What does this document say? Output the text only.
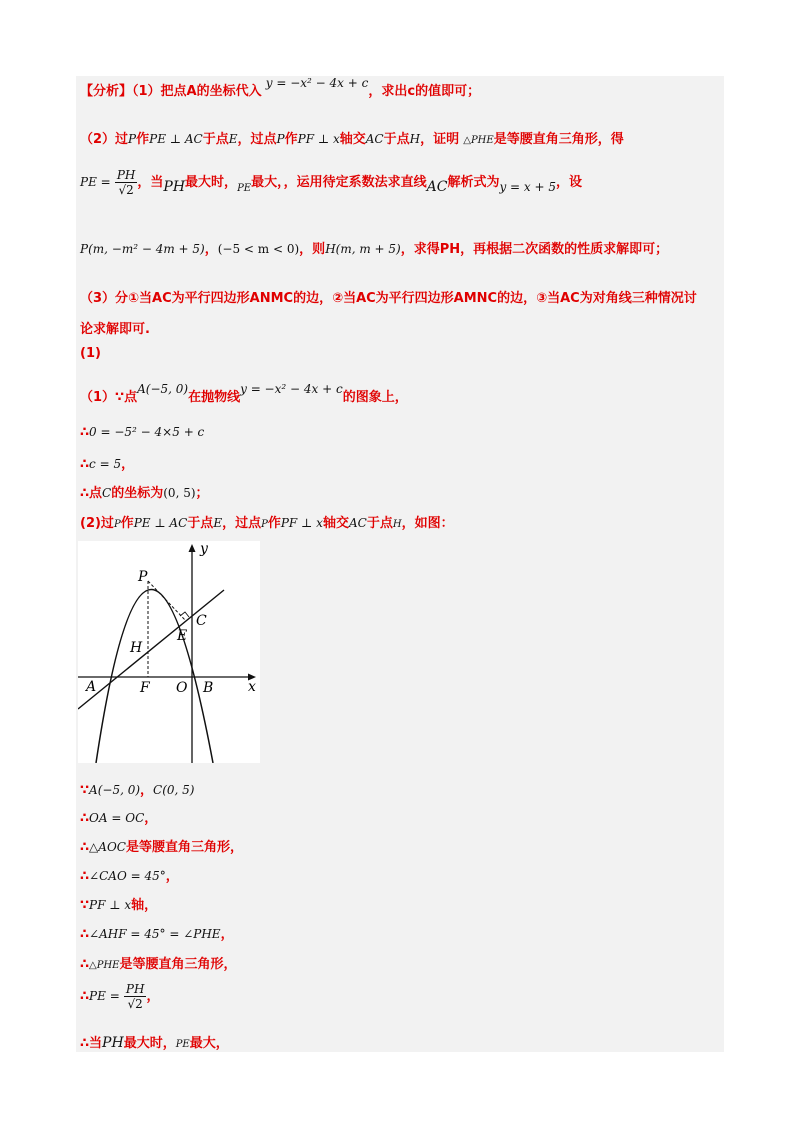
【分析】（1）把点A的坐标代入 y = −x² − 4x + c，求出c的值即可；
（2）过P作PE ⊥ AC于点E，过点P作PF ⊥ x轴交AC于点H，证明 △PHE是等腰直角三角形，得
PE = $\frac{PH}{√2}$ ，当PH最大时，$_{PE}$最大，，运用待定系数法求直线AC解析式为y = x + 5，设
P(m, −m² − 4m + 5)，(−5 < m < 0)，则H(m, m + 5)，求得PH，再根据二次函数的性质求解即可；
（3）分①当AC为平行四边形ANMC的边，②当AC为平行四边形AMNC的边，③当AC为对角线三种情况讨
论求解即可.
(1)
（1）∵点A(−5, 0)在抛物线y = −x² − 4x + c的图象上，
∴0 = −5² − 4×5 + c
∴c = 5，
∴点C的坐标为(0, 5)；
(2)过P作PE ⊥ AC于点E，过点P作PF ⊥ x轴交AC于点H，如图：
y
x
P
C
E
H
A	F O B
∵A(−5, 0)，C(0, 5)
∴OA = OC，
∴△AOC是等腰直角三角形，
∴∠CAO = 45°，
∵PF ⊥ x轴，
∴∠AHF = 45° = ∠PHE，
∴△PHE是等腰直角三角形，
∴PE = $\frac{PH}{√2}$ ，
∴当PH最大时，PE最大，
